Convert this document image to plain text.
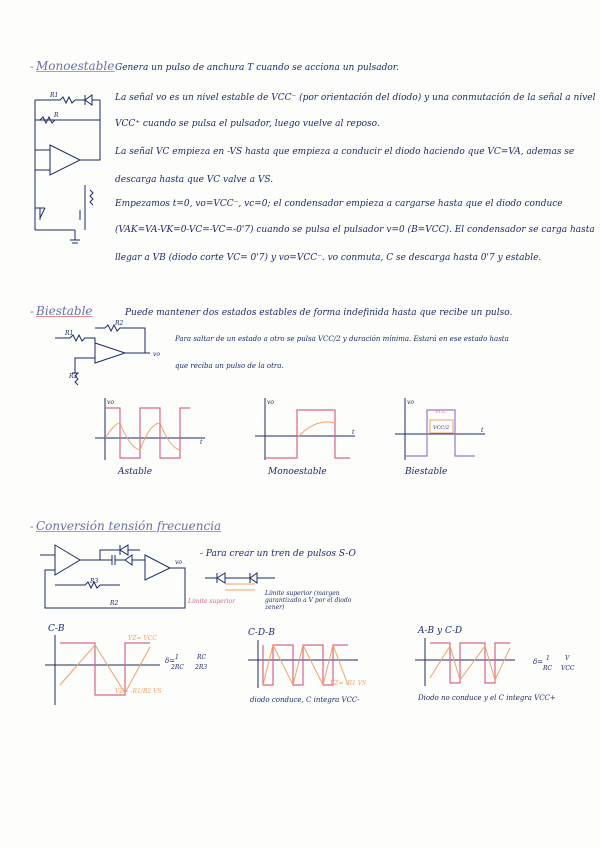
- Monoestable Genera un pulso de anchura T cuando se acciona un pulsador.
R1
R
La señal vo es un nivel estable de VCC⁻ (por orientación del diodo) y una conmutación de la señal a nivel
VCC⁺ cuando se pulsa el pulsador, luego vuelve al reposo.
La señal VC empieza en -VS hasta que empieza a conducir el diodo haciendo que VC=VA, ademas se
descarga hasta que VC valve a VS.
Empezamos t=0, vo=VCC⁻, vc=0; el condensador empieza a cargarse hasta que el diodo conduce
(VAK=VA-VK=0-VC=-VC=-0'7) cuando se pulsa el pulsador v=0 (B=VCC). El condensador se carga hasta
llegar a VB (diodo corte VC= 0'7) y vo=VCC⁻. vo conmuta, C se descarga hasta 0'7 y estable.
- Biestable	Puede mantener dos estados estables de forma indefinida hasta que recibe un pulso.
R1
R2
R3
vo
Para saltar de un estado a otro se pulsa VCC/2 y duración mínima. Estará en ese estado hasta
que reciba un pulso de la otra.
vo
t
Astable
vo
t
Monoestable
vo
t
VCC
VCC/2
Biestable
- Conversión tensión frecuencia
- Para crear un tren de pulsos S-O
R3
R2
vo
Límite superior
Límite superior (margen garantizado a V por el diodo zener)
C-B
δ= 1
2RC
RC
2R3
VZ= VCC
VZ= -R1/R2 VS
C-D-B
VZ= -R1 VS
diodo conduce, C integra VCC-
A-B y C-D
δ= 1
RC
V
VCC
Diodo no conduce y el C integra VCC+
